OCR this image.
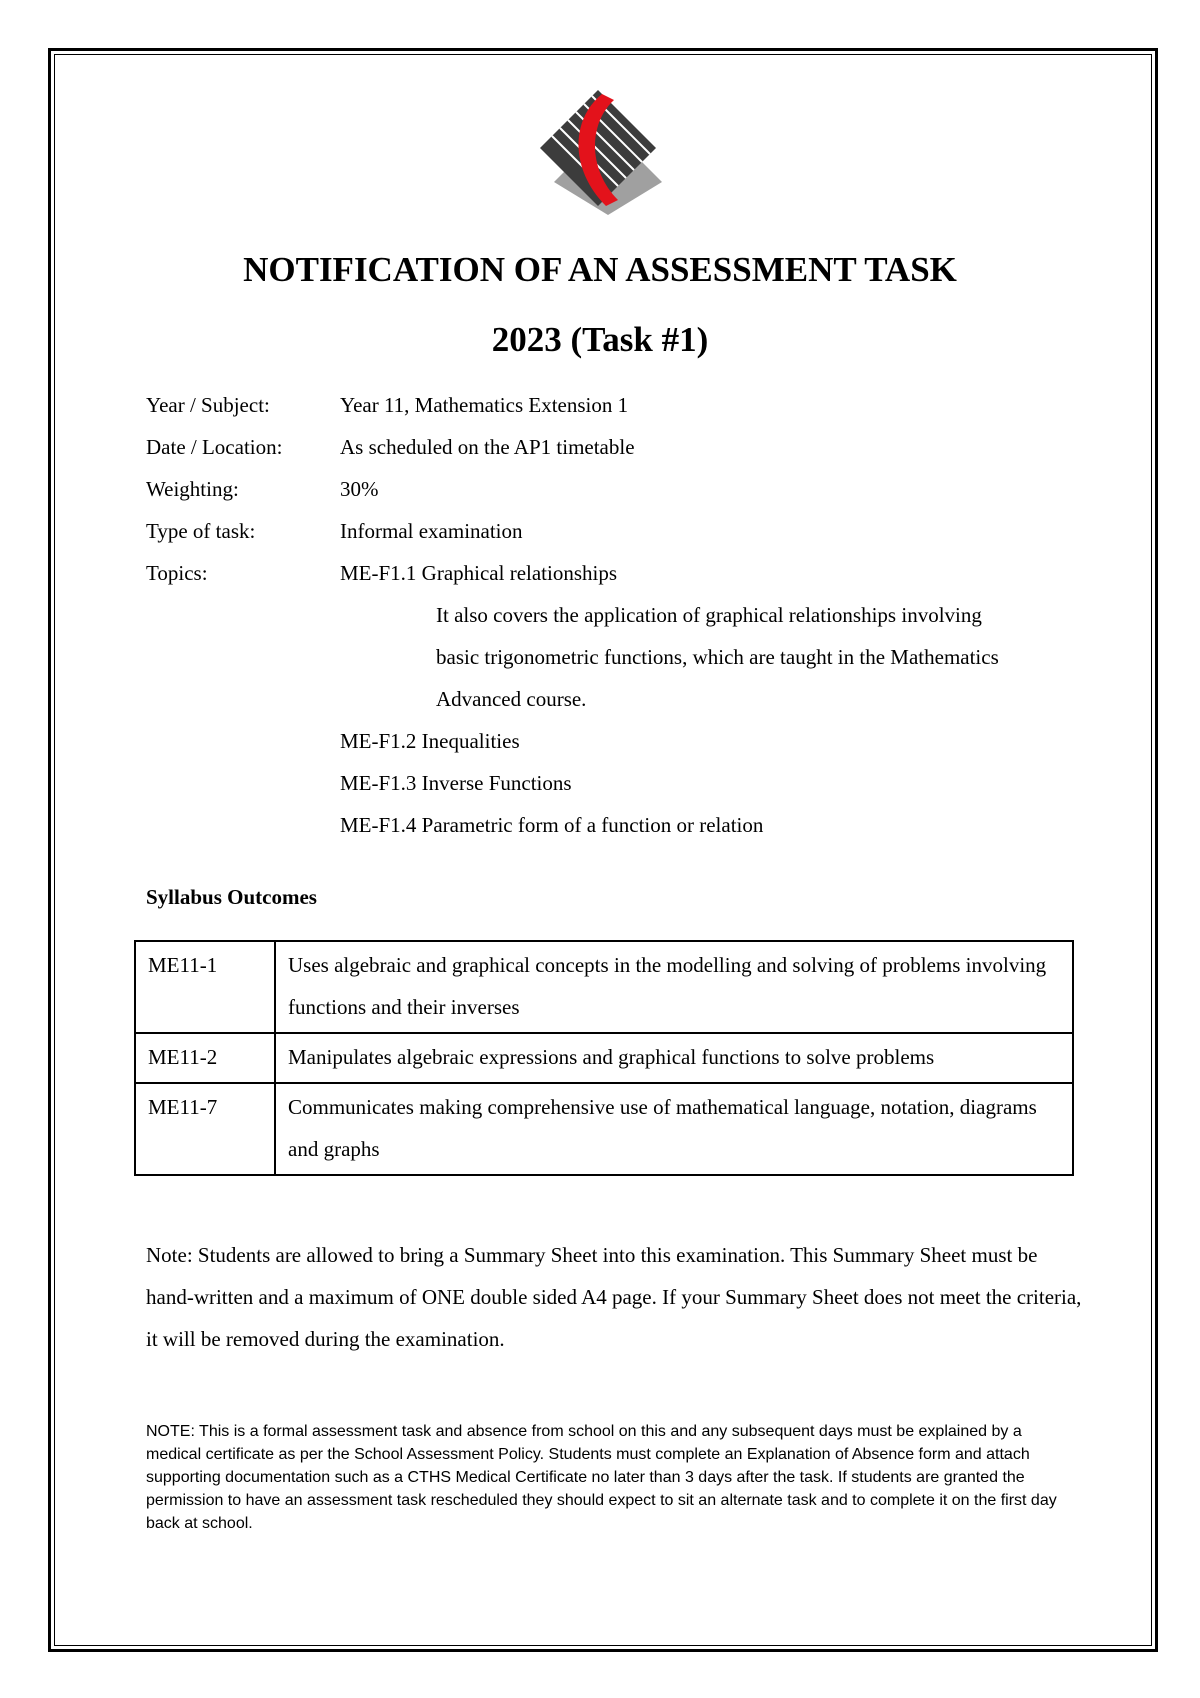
NOTIFICATION OF AN ASSESSMENT TASK
2023 (Task #1)
Year / Subject:	Year 11, Mathematics Extension 1
Date / Location:	As scheduled on the AP1 timetable
Weighting:	30%
Type of task:	Informal examination
Topics:	ME-F1.1 Graphical relationships
It also covers the application of graphical relationships involving
basic trigonometric functions, which are taught in the Mathematics
Advanced course.
ME-F1.2 Inequalities
ME-F1.3 Inverse Functions
ME-F1.4 Parametric form of a function or relation
Syllabus Outcomes
ME11-1	Uses algebraic and graphical concepts in the modelling and solving of problems involving functions and their inverses
ME11-2	Manipulates algebraic expressions and graphical functions to solve problems
ME11-7	Communicates making comprehensive use of mathematical language, notation, diagrams and graphs
Note: Students are allowed to bring a Summary Sheet into this examination. This Summary Sheet must be hand-written and a maximum of ONE double sided A4 page. If your Summary Sheet does not meet the criteria, it will be removed during the examination.
NOTE: This is a formal assessment task and absence from school on this and any subsequent days must be explained by a medical certificate as per the School Assessment Policy. Students must complete an Explanation of Absence form and attach supporting documentation such as a CTHS Medical Certificate no later than 3 days after the task. If students are granted the permission to have an assessment task rescheduled they should expect to sit an alternate task and to complete it on the first day back at school.
